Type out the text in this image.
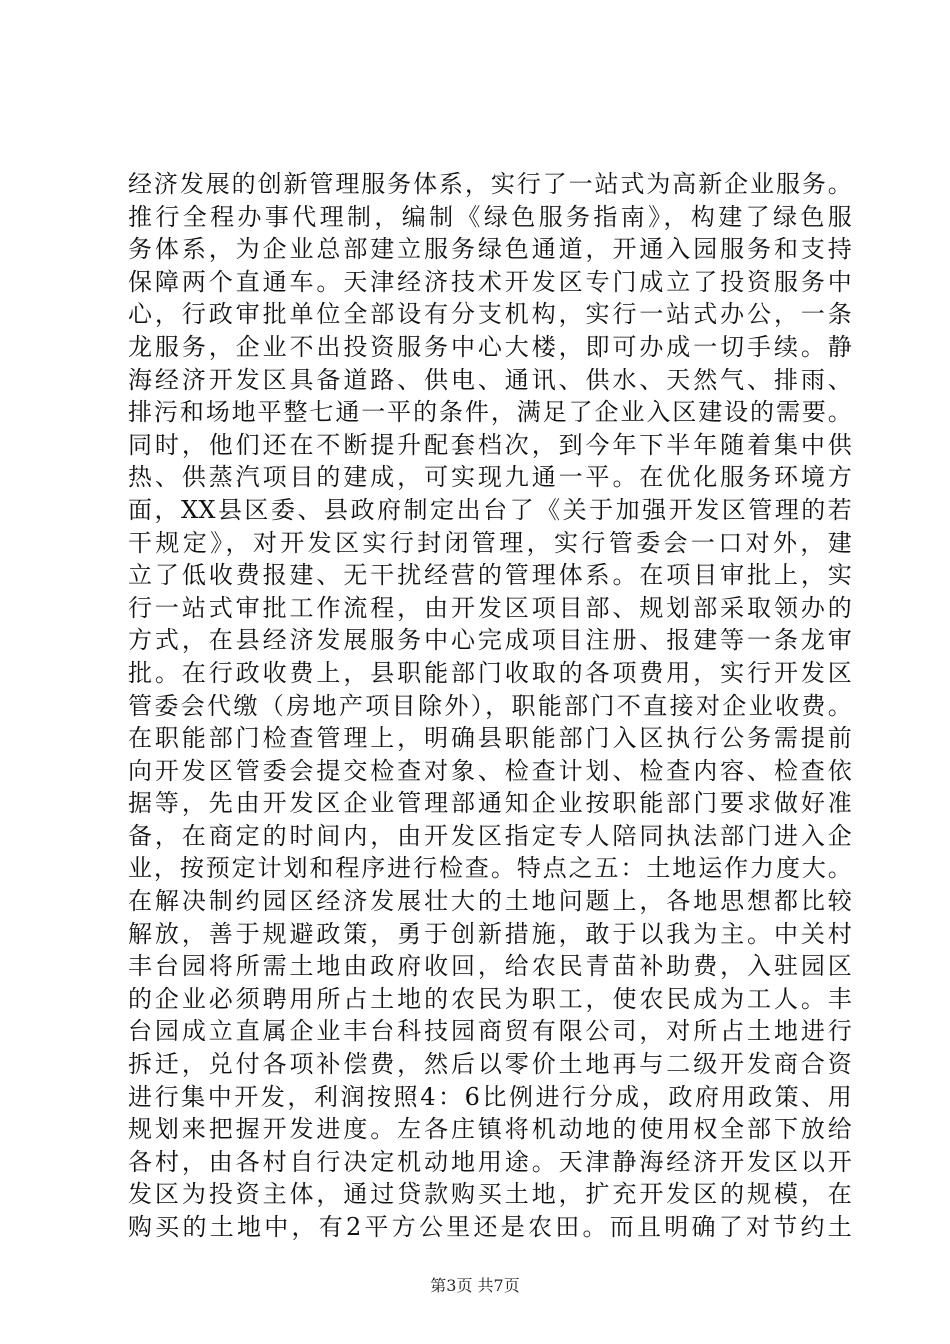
经济发展的创新管理服务体系，实行了一站式为高新企业服务。
推行全程办事代理制，编制《绿色服务指南》，构建了绿色服
务体系，为企业总部建立服务绿色通道，开通入园服务和支持
保障两个直通车。天津经济技术开发区专门成立了投资服务中
心，行政审批单位全部设有分支机构，实行一站式办公，一条
龙服务，企业不出投资服务中心大楼，即可办成一切手续。静
海经济开发区具备道路、供电、通讯、供水、天然气、排雨、
排污和场地平整七通一平的条件，满足了企业入区建设的需要。
同时，他们还在不断提升配套档次，到今年下半年随着集中供
热、供蒸汽项目的建成，可实现九通一平。在优化服务环境方
面，XX县区委、县政府制定出台了《关于加强开发区管理的若
干规定》，对开发区实行封闭管理，实行管委会一口对外，建
立了低收费报建、无干扰经营的管理体系。在项目审批上，实
行一站式审批工作流程，由开发区项目部、规划部采取领办的
方式，在县经济发展服务中心完成项目注册、报建等一条龙审
批。在行政收费上，县职能部门收取的各项费用，实行开发区
管委会代缴（房地产项目除外），职能部门不直接对企业收费。
在职能部门检查管理上，明确县职能部门入区执行公务需提前
向开发区管委会提交检查对象、检查计划、检查内容、检查依
据等，先由开发区企业管理部通知企业按职能部门要求做好准
备，在商定的时间内，由开发区指定专人陪同执法部门进入企
业，按预定计划和程序进行检查。特点之五：土地运作力度大。
在解决制约园区经济发展壮大的土地问题上，各地思想都比较
解放，善于规避政策，勇于创新措施，敢于以我为主。中关村
丰台园将所需土地由政府收回，给农民青苗补助费，入驻园区
的企业必须聘用所占土地的农民为职工，使农民成为工人。丰
台园成立直属企业丰台科技园商贸有限公司，对所占土地进行
拆迁，兑付各项补偿费，然后以零价土地再与二级开发商合资
进行集中开发，利润按照4：6比例进行分成，政府用政策、用
规划来把握开发进度。左各庄镇将机动地的使用权全部下放给
各村，由各村自行决定机动地用途。天津静海经济开发区以开
发区为投资主体，通过贷款购买土地，扩充开发区的规模，在
购买的土地中，有2平方公里还是农田。而且明确了对节约土
第3页 共7页
